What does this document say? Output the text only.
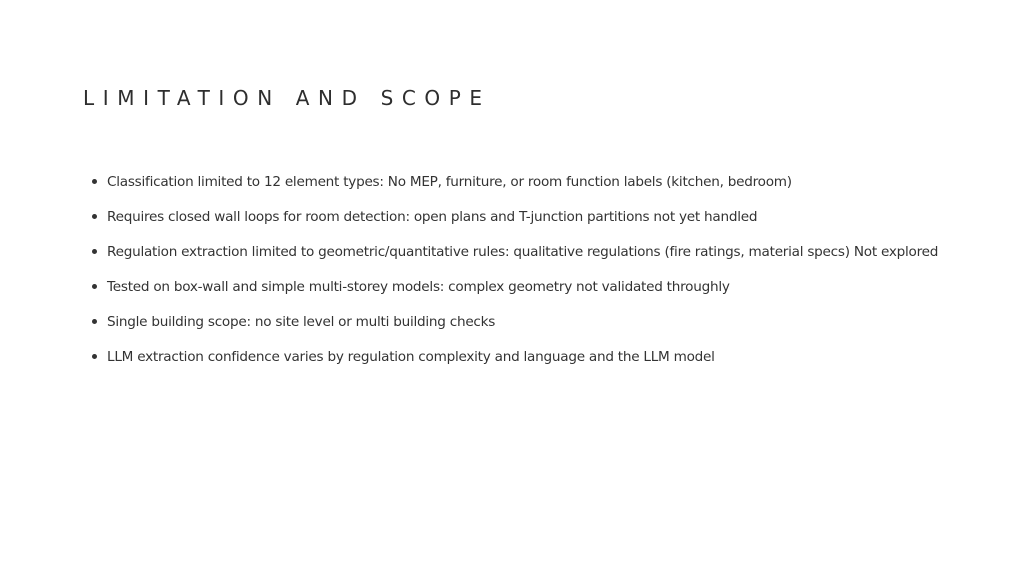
LIMITATION AND SCOPE
Classification limited to 12 element types: No MEP, furniture, or room function labels (kitchen, bedroom)
Requires closed wall loops for room detection: open plans and T-junction partitions not yet handled
Regulation extraction limited to geometric/quantitative rules: qualitative regulations (fire ratings, material specs) Not explored
Tested on box-wall and simple multi-storey models: complex geometry not validated throughly
Single building scope: no site level or multi building checks
LLM extraction confidence varies by regulation complexity and language and the LLM model
